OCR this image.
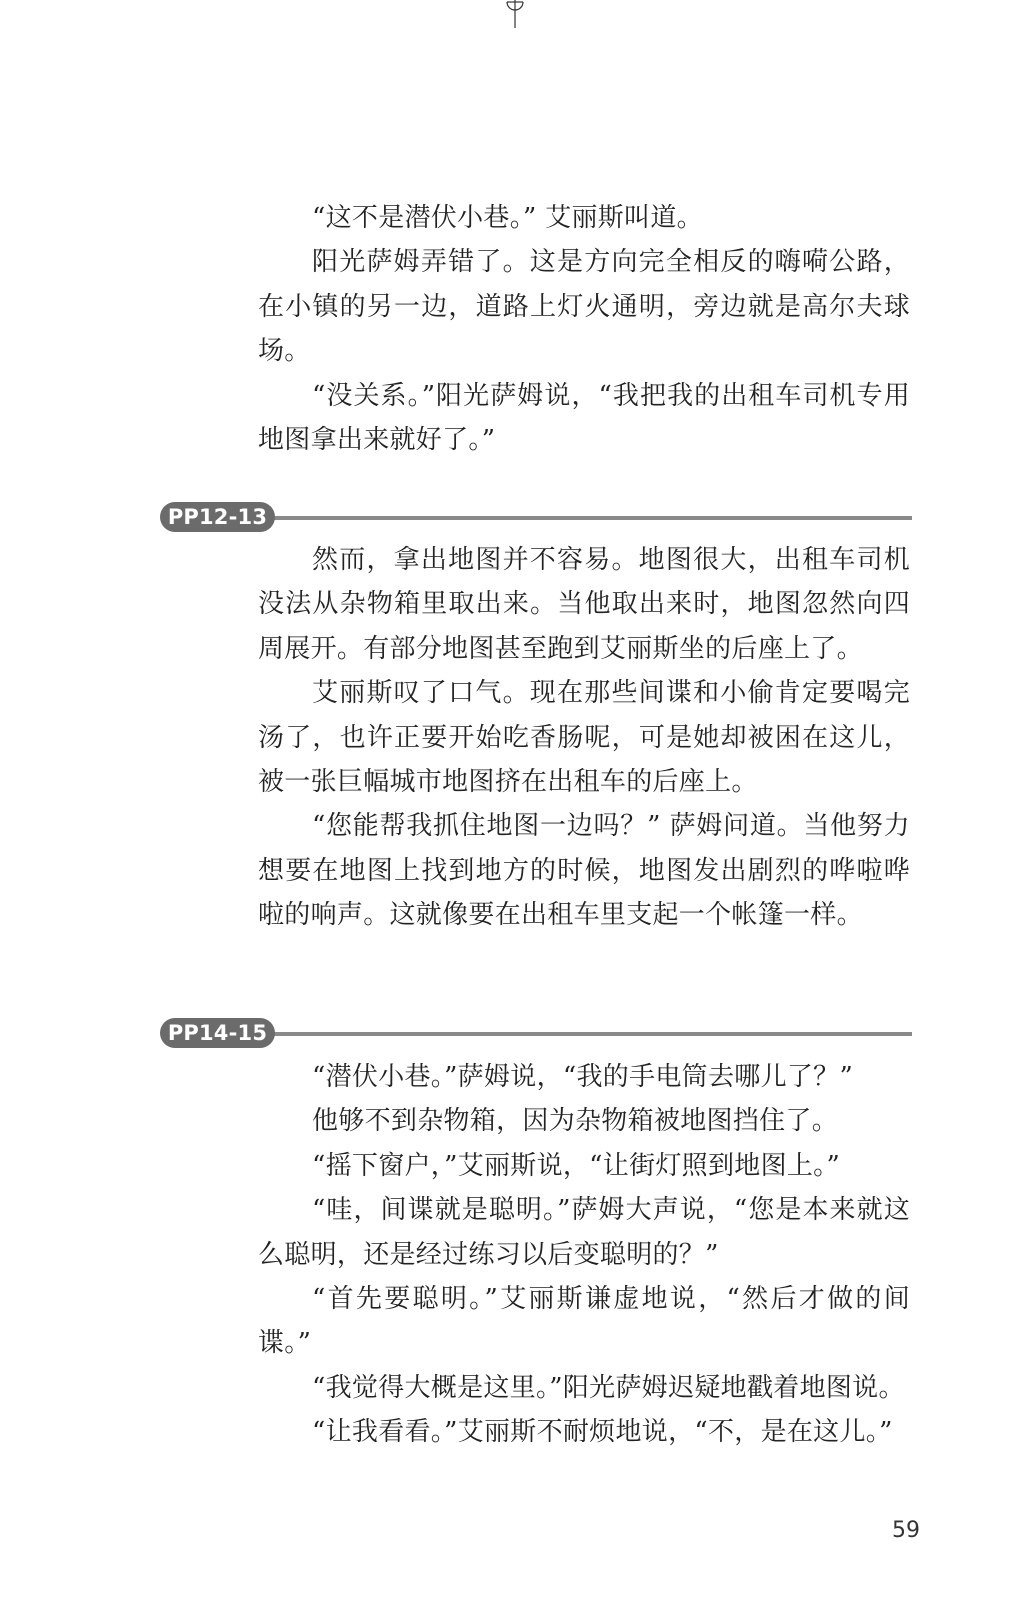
“这不是潜伏小巷。” 艾丽斯叫道。

阳光萨姆弄错了。这是方向完全相反的嗨嗬公路，在小镇的另一边，道路上灯火通明，旁边就是高尔夫球场。

“没关系。”阳光萨姆说，“我把我的出租车司机专用地图拿出来就好了。”

PP12-13

然而，拿出地图并不容易。地图很大，出租车司机没法从杂物箱里取出来。当他取出来时，地图忽然向四周展开。有部分地图甚至跑到艾丽斯坐的后座上了。

艾丽斯叹了口气。现在那些间谍和小偷肯定要喝完汤了，也许正要开始吃香肠呢，可是她却被困在这儿，被一张巨幅城市地图挤在出租车的后座上。

“您能帮我抓住地图一边吗？” 萨姆问道。当他努力想要在地图上找到地方的时候，地图发出剧烈的哗啦哗啦的响声。这就像要在出租车里支起一个帐篷一样。

PP14-15

“潜伏小巷。”萨姆说，“我的手电筒去哪儿了？”

他够不到杂物箱，因为杂物箱被地图挡住了。

“摇下窗户，”艾丽斯说，“让街灯照到地图上。”

“哇，间谍就是聪明。”萨姆大声说，“您是本来就这么聪明，还是经过练习以后变聪明的？”

“首先要聪明。”艾丽斯谦虚地说，“然后才做的间谍。”

“我觉得大概是这里。”阳光萨姆迟疑地戳着地图说。

“让我看看。”艾丽斯不耐烦地说，“不，是在这儿。”

59
